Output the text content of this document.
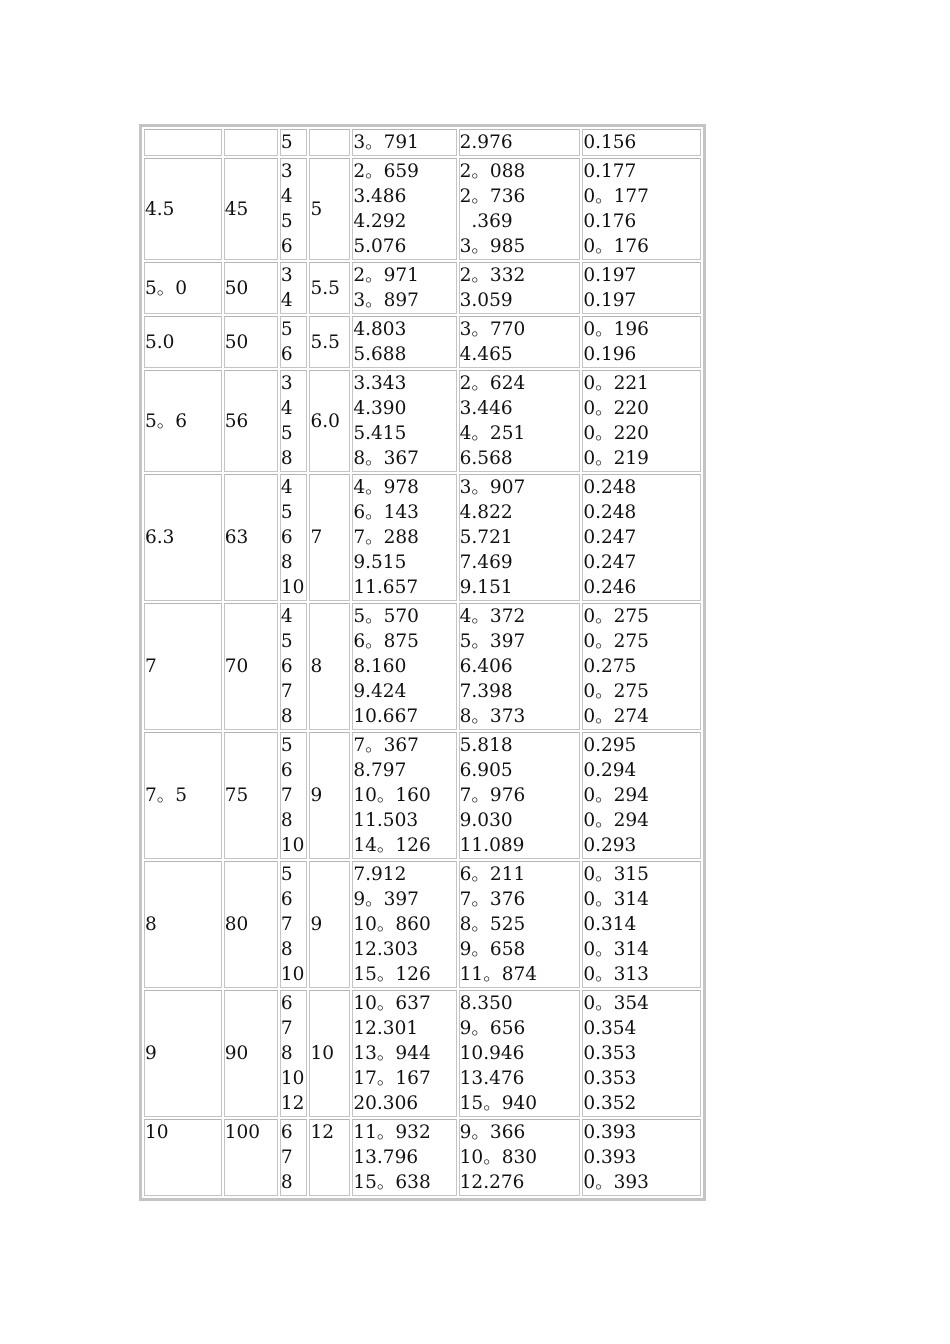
		5		3。791	2.976	0.156

4.5	45	3
4
5
6	5	2。659
3.486
4.292
5.076	2。088
2。736
.369
3。985	0.177
0。177
0.176
0。176

5。0	50	3
4	5.5	2。971
3。897	2。332
3.059	0.197
0.197

5.0	50	5
6	5.5	4.803
5.688	3。770
4.465	0。196
0.196

5。6	56	3
4
5
8	6.0	3.343
4.390
5.415
8。367	2。624
3.446
4。251
6.568	0。221
0。220
0。220
0。219

6.3	63	4
5
6
8
10	7	4。978
6。143
7。288
9.515
11.657	3。907
4.822
5.721
7.469
9.151	0.248
0.248
0.247
0.247
0.246

7	70	4
5
6
7
8	8	5。570
6。875
8.160
9.424
10.667	4。372
5。397
6.406
7.398
8。373	0。275
0。275
0.275
0。275
0。274

7。5	75	5
6
7
8
10	9	7。367
8.797
10。160
11.503
14。126	5.818
6.905
7。976
9.030
11.089	0.295
0.294
0。294
0。294
0.293

8	80	5
6
7
8
10	9	7.912
9。397
10。860
12.303
15。126	6。211
7。376
8。525
9。658
11。874	0。315
0。314
0.314
0。314
0。313

9	90	6
7
8
10
12	10	10。637
12.301
13。944
17。167
20.306	8.350
9。656
10.946
13.476
15。940	0。354
0.354
0.353
0.353
0.352

10	100	6
7
8	12	11。932
13.796
15。638	9。366
10。830
12.276	0.393
0.393
0。393
